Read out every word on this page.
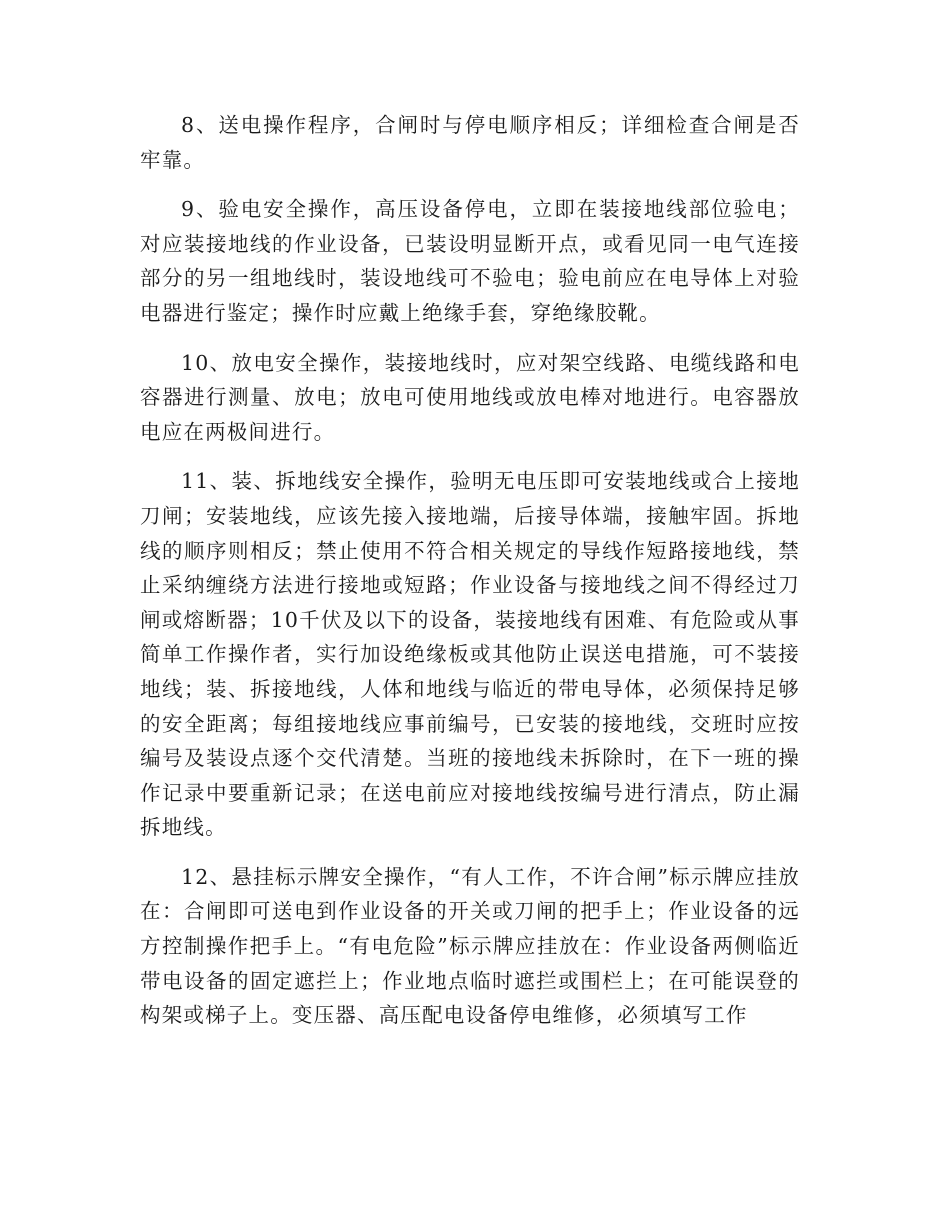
8、送电操作程序，合闸时与停电顺序相反；详细检查合闸是否牢靠。

9、验电安全操作，高压设备停电，立即在装接地线部位验电；对应装接地线的作业设备，已装设明显断开点，或看见同一电气连接部分的另一组地线时，装设地线可不验电；验电前应在电导体上对验电器进行鉴定；操作时应戴上绝缘手套，穿绝缘胶靴。

10、放电安全操作，装接地线时，应对架空线路、电缆线路和电容器进行测量、放电；放电可使用地线或放电棒对地进行。电容器放电应在两极间进行。

11、装、拆地线安全操作，验明无电压即可安装地线或合上接地刀闸；安装地线，应该先接入接地端，后接导体端，接触牢固。拆地线的顺序则相反；禁止使用不符合相关规定的导线作短路接地线，禁止采纳缠绕方法进行接地或短路；作业设备与接地线之间不得经过刀闸或熔断器；10千伏及以下的设备，装接地线有困难、有危险或从事简单工作操作者，实行加设绝缘板或其他防止误送电措施，可不装接地线；装、拆接地线，人体和地线与临近的带电导体，必须保持足够的安全距离；每组接地线应事前编号，已安装的接地线，交班时应按编号及装设点逐个交代清楚。当班的接地线未拆除时，在下一班的操作记录中要重新记录；在送电前应对接地线按编号进行清点，防止漏拆地线。

12、悬挂标示牌安全操作，“有人工作，不许合闸”标示牌应挂放在：合闸即可送电到作业设备的开关或刀闸的把手上；作业设备的远方控制操作把手上。“有电危险”标示牌应挂放在：作业设备两侧临近带电设备的固定遮拦上；作业地点临时遮拦或围栏上；在可能误登的构架或梯子上。变压器、高压配电设备停电维修，必须填写工作
